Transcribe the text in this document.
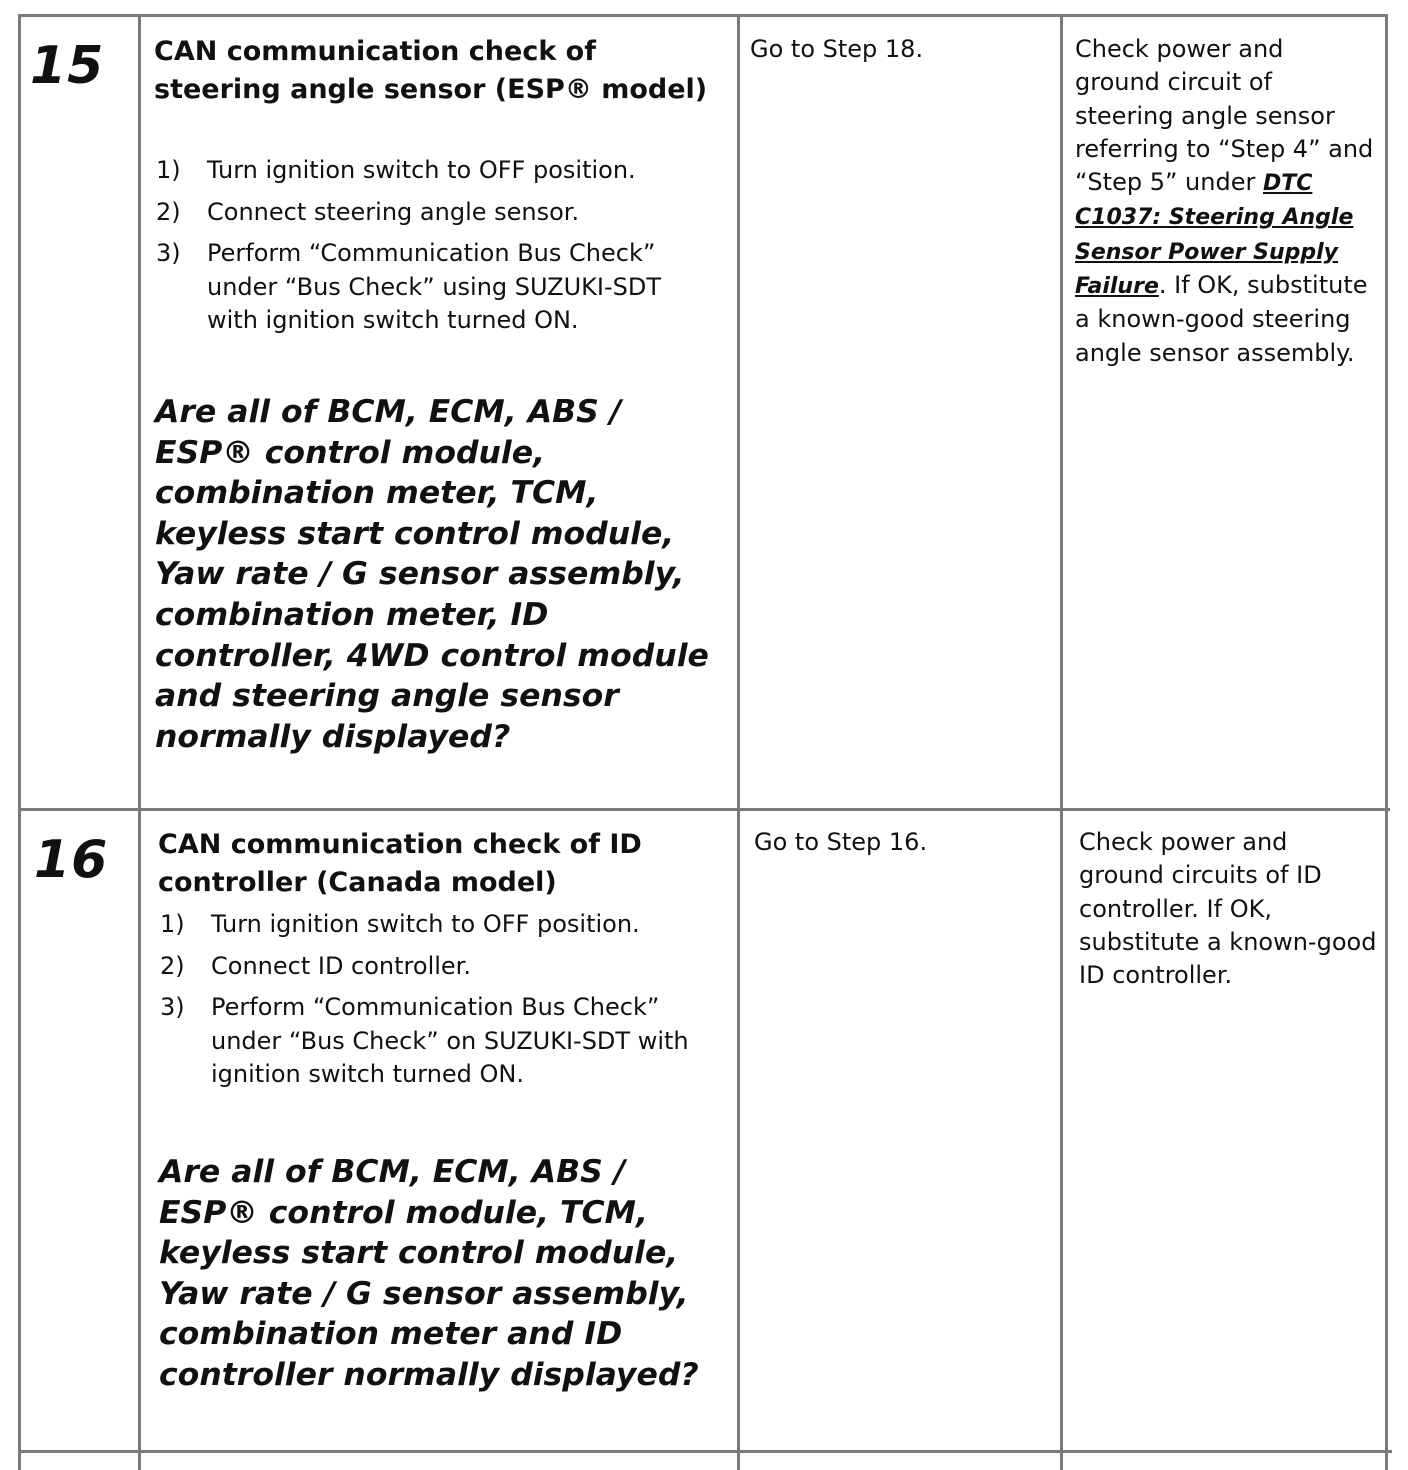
15 CAN communication check of steering angle sensor (ESP® model)

1) Turn ignition switch to OFF position.
2) Connect steering angle sensor.
3) Perform “Communication Bus Check” under “Bus Check” using SUZUKI-SDT with ignition switch turned ON.

Are all of BCM, ECM, ABS / ESP® control module, combination meter, TCM, keyless start control module, Yaw rate / G sensor assembly, combination meter, ID controller, 4WD control module and steering angle sensor normally displayed?

Go to Step 18.	Check power and ground circuit of steering angle sensor referring to “Step 4” and “Step 5” under DTC C1037: Steering Angle Sensor Power Supply Failure. If OK, substitute a known-good steering angle sensor assembly.

16 CAN communication check of ID controller (Canada model)

1) Turn ignition switch to OFF position.
2) Connect ID controller.
3) Perform “Communication Bus Check” under “Bus Check” on SUZUKI-SDT with ignition switch turned ON.

Are all of BCM, ECM, ABS / ESP® control module, TCM, keyless start control module, Yaw rate / G sensor assembly, combination meter and ID controller normally displayed?

Go to Step 16.	Check power and ground circuits of ID controller. If OK, substitute a known-good ID controller.
